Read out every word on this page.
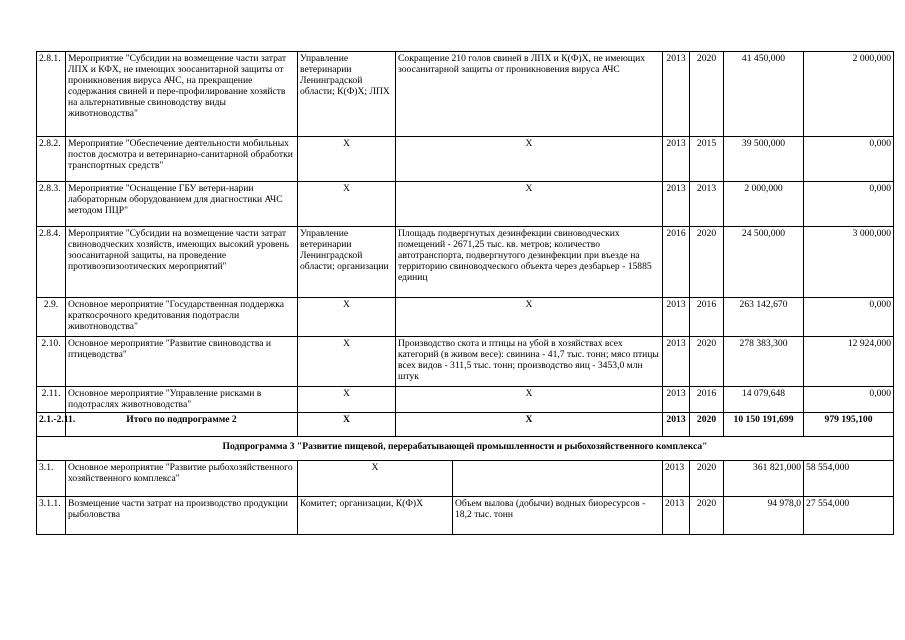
2.8.1.	Мероприятие "Субсидии на возмещение части затрат ЛПХ и КФХ, не имеющих зоосанитарной защиты от проникновения вируса АЧС, на прекращение содержания свиней и пере-профилирование хозяйств на альтернативные свиноводству виды животноводства"	Управление ветеринарии Ленинградской области; К(Ф)Х; ЛПХ	Сокращение 210 голов свиней в ЛПХ и К(Ф)Х, не имеющих зоосанитарной защиты от проникновения вируса АЧС		2013	2020	41 450,000	2 000,000
2.8.2.	Мероприятие "Обеспечение деятельности мобильных постов досмотра и ветеринарно-санитарной обработки транспортных средств"	X	X		2013	2015	39 500,000	0,000
2.8.3.	Мероприятие "Оснащение ГБУ ветери-нарии лабораторным оборудованием для диагностики АЧС методом ПЦР"	X	X		2013	2013	2 000,000	0,000
2.8.4.	Мероприятие "Субсидии на возмещение части затрат свиноводческих хозяйств, имеющих высокий уровень зоосанитарной защиты, на проведение противоэпизоотических мероприятий"	Управление ветеринарии Ленинградской области; организации	Площадь подвергнутых дезинфекции свиноводческих помещений - 2671,25 тыс. кв. метров; количество автотранспорта, подвергнутого дезинфекции при въезде на территорию свиноводческого объекта через дезбарьер - 15885 единиц		2016	2020	24 500,000	3 000,000
2.9.	Основное мероприятие "Государственная поддержка краткосрочного кредитования подотрасли животноводства"	X	X		2013	2016	263 142,670	0,000
2.10.	Основное мероприятие "Развитие свиноводства и птицеводства"	X	Производство скота и птицы на убой в хозяйствах всех категорий (в живом весе): свинина - 41,7 тыс. тонн; мясо птицы всех видов - 311,5 тыс. тонн; производство яиц - 3453,0 млн штук		2013	2020	278 383,300	12 924,000
2.11.	Основное мероприятие "Управление рисками в подотраслях животноводства"	X	X		2013	2016	14 079,648	0,000
2.1.-2.11.	Итого по подпрограмме 2	X	X		2013	2020	10 150 191,699	979 195,100
Подпрограмма 3 "Развитие пищевой, перерабатывающей промышленности и рыбохозяйственного комплекса"								
3.1.	Основное мероприятие "Развитие рыбохозяйственного хозяйственного комплекса"	X			2013	2020	361 821,000	58 554,000
3.1.1.	Возмещение части затрат на производство продукции рыболовства	Комитет; организации, К(Ф)Х		Объем вылова (добычи) водных биоресурсов - 18,2 тыс. тонн	2013	2020	94 978,0	27 554,000
